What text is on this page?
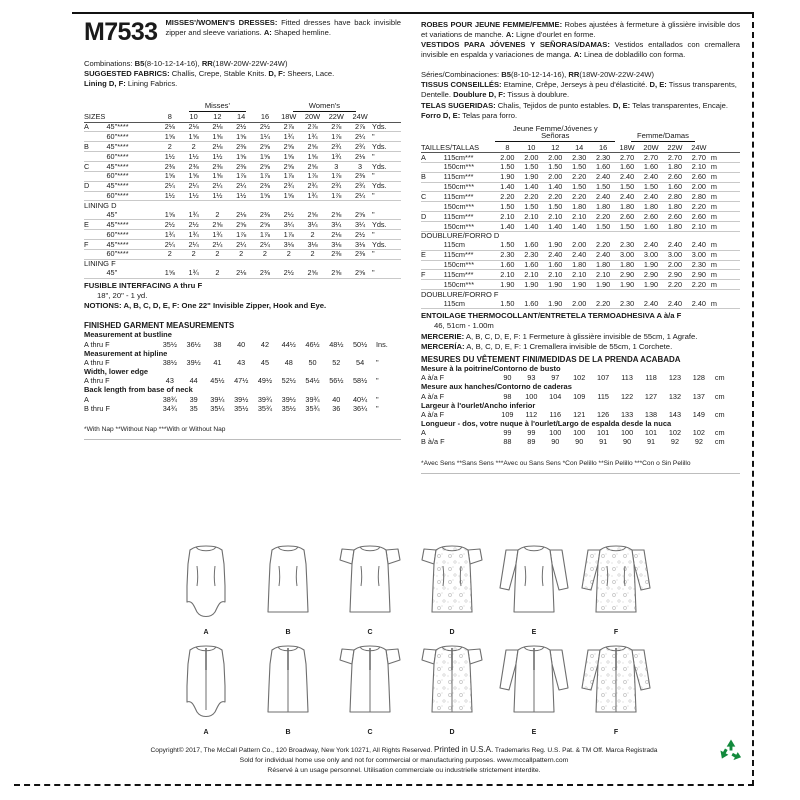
M7533 MISSES'/WOMEN'S DRESSES: Fitted dresses have back invisible zipper and sleeve variations. A: Shaped hemline.
Combinations: B5(8-10-12-14-16), RR(18W-20W-22W-24W)
SUGGESTED FABRICS: Challis, Crepe, Stable Knits. D, F: Sheers, Lace.
Lining D, F: Lining Fabrics.
		Misses'					Women's				
SIZES		8	10	12	14	16	18W	20W	22W	24W	
A	45"****	2⅛	2⅛	2⅛	2½	2½	2⅞	2⅞	2⅞	2⅞	Yds.
	60"****	1⅝	1⅝	1⅝	1⅝	1¼	1¾	1¾	1⅞	2¼	"
B	45"****	2	2	2⅛	2⅜	2⅝	2⅝	2⅝	2¾	2¾	Yds.
	60"****	1½	1½	1½	1⅝	1⅝	1⅝	1⅝	1¾	2⅛	"
C	45"****	2⅜	2⅜	2⅜	2⅜	2⅝	2⅝	2⅝	3	3	Yds.
	60"****	1⅝	1⅝	1⅝	1⅞	1⅞	1⅞	1⅞	1⅞	2⅜	"
D	45"****	2¼	2¼	2¼	2¼	2⅜	2¾	2¾	2¾	2¾	Yds.
	60"****	1½	1½	1½	1½	1⅝	1⅝	1¾	1⅞	2¼	"
LINING D											
	45"	1⅝	1¾	2	2⅛	2⅜	2½	2⅝	2⅝	2⅝	"
E	45"****	2½	2½	2⅝	2⅝	2⅝	3¼	3¼	3¼	3¼	Yds.
	60"****	1¾	1¾	1¾	1⅞	1⅞	1⅞	2	2⅛	2½	"
F	45"****	2¼	2¼	2¼	2¼	2¼	3⅛	3⅛	3⅛	3⅛	Yds.
	60"****	2	2	2	2	2	2	2	2⅜	2⅜	"
LINING F											
	45"	1⅝	1¾	2	2⅛	2⅜	2½	2⅝	2⅝	2⅝	"
FUSIBLE INTERFACING A thru F
18", 20" - 1 yd.
NOTIONS: A, B, C, D, E, F: One 22" Invisible Zipper, Hook and Eye.
FINISHED GARMENT MEASUREMENTS
Measurement at bustline										
A thru F	35½	36½	38	40	42	44½	46½	48½	50½	Ins.
Measurement at hipline										
A thru F	38½	39½	41	43	45	48	50	52	54	"
Width, lower edge										
A thru F	43	44	45½	47½	49½	52½	54½	56½	58½	"
Back length from base of neck										
A	38¾	39	39¼	39½	39¾	39½	39¾	40	40¼	"
B thru F	34¾	35	35¼	35½	35¾	35½	35¾	36	36¼	"
*With Nap **Without Nap ***With or Without Nap
ROBES POUR JEUNE FEMME/FEMME: Robes ajustées à fermeture à glissière invisible dos et variations de manche. A: Ligne d'ourlet en forme.
VESTIDOS PARA JÓVENES Y SEÑORAS/DAMAS: Vestidos entallados con cremallera invisible en espalda y variaciones de manga. A: Linea de dobladillo con forma.
Séries/Combinaciones: B5(8-10-12-14-16), RR(18W-20W-22W-24W)
TISSUS CONSEILLÉS: Etamine, Crêpe, Jerseys à peu d'élasticité. D, E: Tissus transparents, Dentelle. Doublure D, F: Tissus à doublure.
TELAS SUGERIDAS: Chalis, Tejidos de punto estables. D, E: Telas transparentes, Encaje. Forro D, E: Telas para forro.
		Jeune Femme/Jóvenes y Señoras					Femme/Damas				
TAILLES/TALLAS		8	10	12	14	16	18W	20W	22W	24W	
A	115cm***	2.00	2.00	2.00	2.30	2.30	2.70	2.70	2.70	2.70	m
	150cm***	1.50	1.50	1.50	1.50	1.60	1.60	1.60	1.80	2.10	m
B	115cm***	1.90	1.90	2.00	2.20	2.40	2.40	2.40	2.60	2.60	m
	150cm***	1.40	1.40	1.40	1.50	1.50	1.50	1.50	1.60	2.00	m
C	115cm***	2.20	2.20	2.20	2.20	2.40	2.40	2.40	2.80	2.80	m
	150cm***	1.50	1.50	1.50	1.80	1.80	1.80	1.80	1.80	2.20	m
D	115cm***	2.10	2.10	2.10	2.10	2.20	2.60	2.60	2.60	2.60	m
	150cm***	1.40	1.40	1.40	1.40	1.50	1.50	1.60	1.80	2.10	m
DOUBLURE/FORRO D											
	115cm	1.50	1.60	1.90	2.00	2.20	2.30	2.40	2.40	2.40	m
E	115cm***	2.30	2.30	2.40	2.40	2.40	3.00	3.00	3.00	3.00	m
	150cm***	1.60	1.60	1.60	1.80	1.80	1.80	1.90	2.00	2.30	m
F	115cm***	2.10	2.10	2.10	2.10	2.10	2.90	2.90	2.90	2.90	m
	150cm***	1.90	1.90	1.90	1.90	1.90	1.90	1.90	2.20	2.20	m
DOUBLURE/FORRO F											
	115cm	1.50	1.60	1.90	2.00	2.20	2.30	2.40	2.40	2.40	m
ENTOILAGE THERMOCOLLANT/ENTRETELA TERMOADHESIVA A à/a F
46, 51cm - 1.00m
MERCERIE: A, B, C, D, E, F: 1 Fermeture à glissière invisible de 55cm, 1 Agrafe.
MERCERÍA: A, B, C, D, E, F: 1 Cremallera invisible de 55cm, 1 Corchete.
MESURES DU VÊTEMENT FINI/MEDIDAS DE LA PRENDA ACABADA
Mesure à la poitrine/Contorno de busto										
A à/a F	90	93	97	102	107	113	118	123	128	cm
Mesure aux hanches/Contorno de caderas										
A à/a F	98	100	104	109	115	122	127	132	137	cm
Largeur à l'ourlet/Ancho inferior										
A à/a F	109	112	116	121	126	133	138	143	149	cm
Longueur - dos, votre nuque à l'ourlet/Largo de espalda desde la nuca										
A	99	99	100	100	101	100	101	102	102	cm
B à/a F	88	89	90	90	91	90	91	92	92	cm
*Avec Sens **Sans Sens ***Avec ou Sans Sens *Con Pelillo **Sin Pelillo ***Con o Sin Pelillo
A	B	C	D	E	F
A	B	C	D	E	F
Copyright© 2017, The McCall Pattern Co., 120 Broadway, New York 10271, All Rights Reserved. Printed in U.S.A. Trademarks Reg. U.S. Pat. & TM Off. Marca Registrada
Sold for individual home use only and not for commercial or manufacturing purposes. www.mccallpattern.com
Réservé à un usage personnel. Utilisation commerciale ou industrielle strictement interdite.
